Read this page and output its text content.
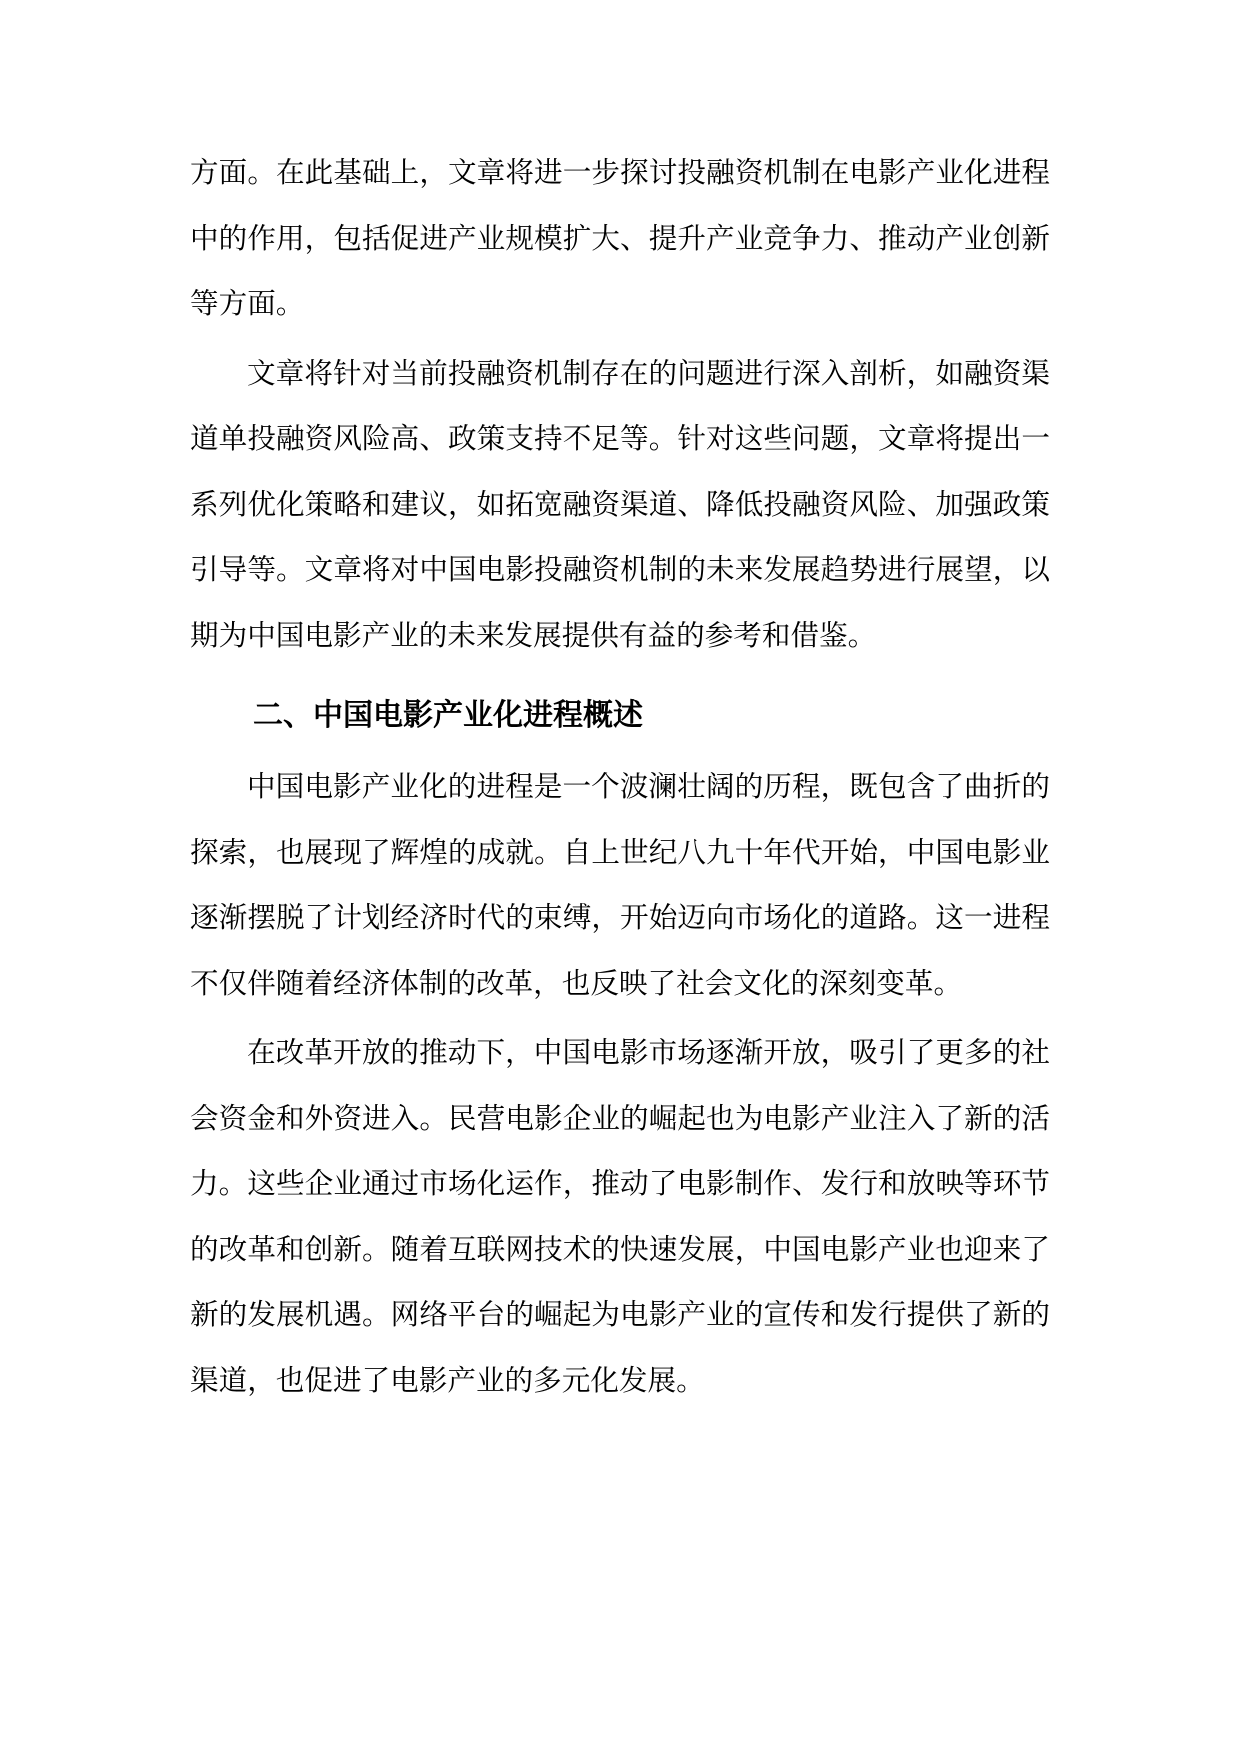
方面。在此基础上，文章将进一步探讨投融资机制在电影产业化进程中的作用，包括促进产业规模扩大、提升产业竞争力、推动产业创新等方面。

文章将针对当前投融资机制存在的问题进行深入剖析，如融资渠道单投融资风险高、政策支持不足等。针对这些问题，文章将提出一系列优化策略和建议，如拓宽融资渠道、降低投融资风险、加强政策引导等。文章将对中国电影投融资机制的未来发展趋势进行展望，以期为中国电影产业的未来发展提供有益的参考和借鉴。

二、中国电影产业化进程概述

中国电影产业化的进程是一个波澜壮阔的历程，既包含了曲折的探索，也展现了辉煌的成就。自上世纪八九十年代开始，中国电影业逐渐摆脱了计划经济时代的束缚，开始迈向市场化的道路。这一进程不仅伴随着经济体制的改革，也反映了社会文化的深刻变革。

在改革开放的推动下，中国电影市场逐渐开放，吸引了更多的社会资金和外资进入。民营电影企业的崛起也为电影产业注入了新的活力。这些企业通过市场化运作，推动了电影制作、发行和放映等环节的改革和创新。随着互联网技术的快速发展，中国电影产业也迎来了新的发展机遇。网络平台的崛起为电影产业的宣传和发行提供了新的渠道，也促进了电影产业的多元化发展。
